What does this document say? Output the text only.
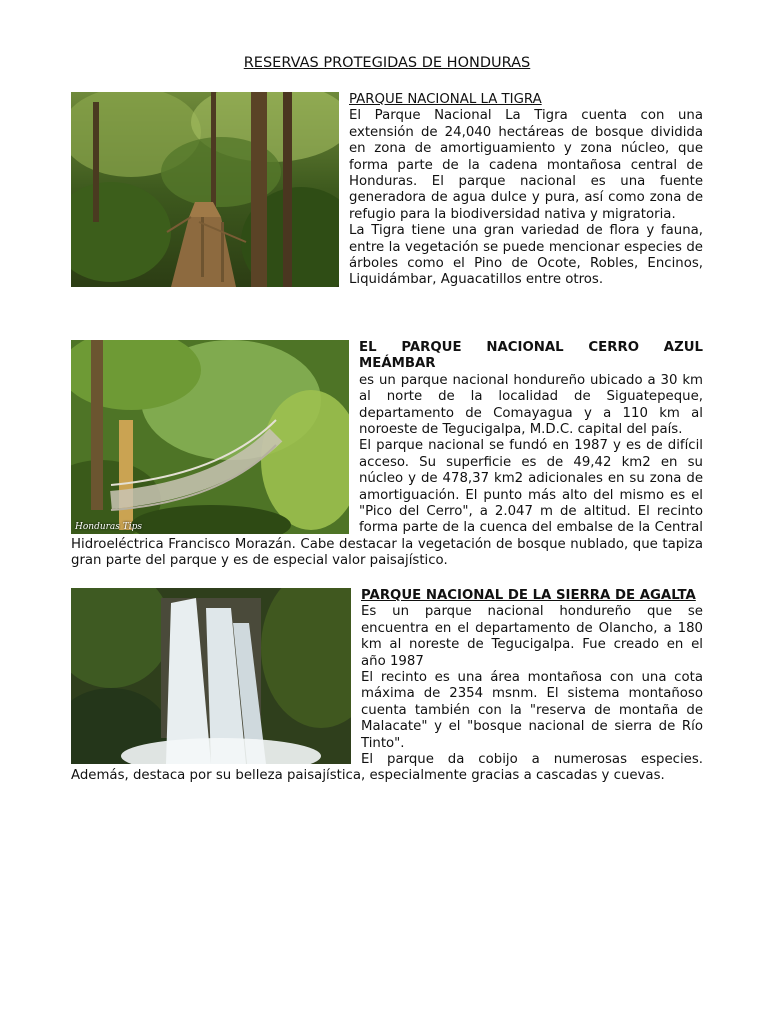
RESERVAS PROTEGIDAS DE HONDURAS
PARQUE NACIONAL LA TIGRA

El Parque Nacional La Tigra cuenta con una extensión de 24,040 hectáreas de bosque dividida en zona de amortiguamiento y zona núcleo, que forma parte de la cadena montañosa central de Honduras. El parque nacional es una fuente generadora de agua dulce y pura, así como zona de refugio para la biodiversidad nativa y migratoria.

La Tigra tiene una gran variedad de flora y fauna, entre la vegetación se puede mencionar especies de árboles como el Pino de Ocote, Robles, Encinos, Liquidámbar, Aguacatillos entre otros.

Honduras Tips
EL PARQUE NACIONAL CERRO AZUL MEÁMBAR

es un parque nacional hondureño ubicado a 30 km al norte de la localidad de Siguatepeque, departamento de Comayagua y a 110 km al noroeste de Tegucigalpa, M.D.C. capital del país.

El parque nacional se fundó en 1987 y es de difícil acceso. Su superficie es de 49,42 km2 en su núcleo y de 478,37 km2 adicionales en su zona de amortiguación. El punto más alto del mismo es el "Pico del Cerro", a 2.047 m de altitud. El recinto forma parte de la cuenca del embalse de la Central Hidroeléctrica Francisco Morazán. Cabe destacar la vegetación de bosque nublado, que tapiza gran parte del parque y es de especial valor paisajístico.

PARQUE NACIONAL DE LA SIERRA DE AGALTA

Es un parque nacional hondureño que se encuentra en el departamento de Olancho, a 180 km al noreste de Tegucigalpa. Fue creado en el año 1987

El recinto es una área montañosa con una cota máxima de 2354 msnm. El sistema montañoso cuenta también con la "reserva de montaña de Malacate" y el "bosque nacional de sierra de Río Tinto".

El parque da cobijo a numerosas especies. Además, destaca por su belleza paisajística, especialmente gracias a cascadas y cuevas.
